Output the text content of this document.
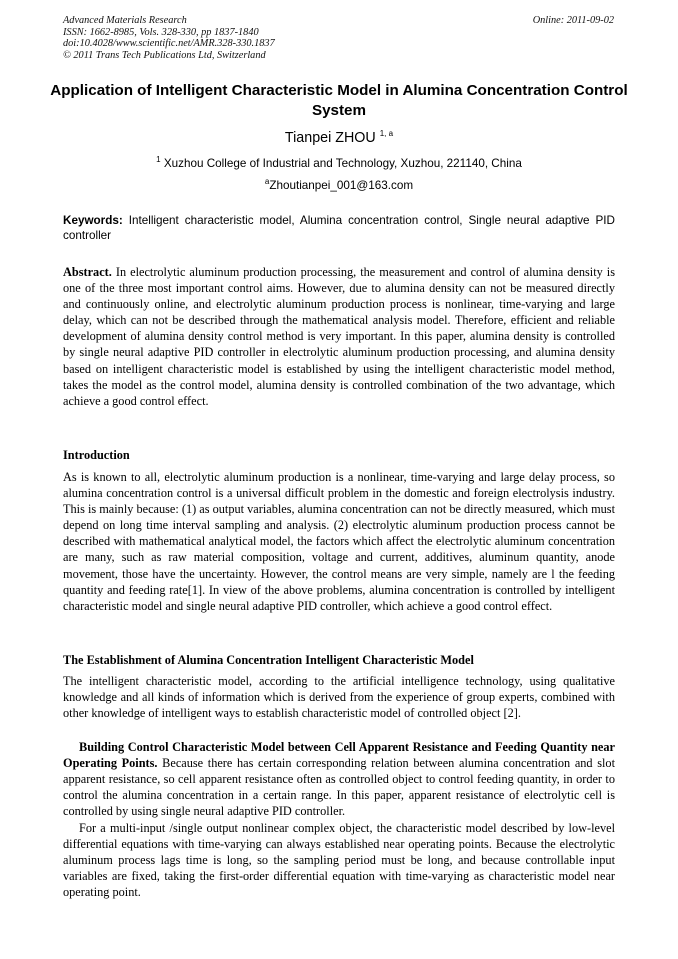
Advanced Materials Research
ISSN: 1662-8985, Vols. 328-330, pp 1837-1840
doi:10.4028/www.scientific.net/AMR.328-330.1837
© 2011 Trans Tech Publications Ltd, Switzerland
Online: 2011-09-02
Application of Intelligent Characteristic Model in Alumina Concentration Control System
Tianpei ZHOU $^{1, a}$
$^1$ Xuzhou College of Industrial and Technology, Xuzhou, 221140, China
$^a$Zhoutianpei_001@163.com
Keywords: Intelligent characteristic model, Alumina concentration control, Single neural adaptive PID controller

Abstract. In electrolytic aluminum production processing, the measurement and control of alumina density is one of the three most important control aims. However, due to alumina density can not be measured directly and continuously online, and electrolytic aluminum production process is nonlinear, time-varying and large delay, which can not be described through the mathematical analysis model. Therefore, efficient and reliable development of alumina density control method is very important. In this paper, alumina density is controlled by single neural adaptive PID controller in electrolytic aluminum production processing, and alumina density based on intelligent characteristic model is established by using the intelligent characteristic model method, takes the model as the control model, alumina density is controlled combination of the two advantage, which achieve a good control effect.

Introduction

As is known to all, electrolytic aluminum production is a nonlinear, time-varying and large delay process, so alumina concentration control is a universal difficult problem in the domestic and foreign electrolysis industry. This is mainly because: (1) as output variables, alumina concentration can not be directly measured, which must depend on long time interval sampling and analysis. (2) electrolytic aluminum production process cannot be described with mathematical analytical model, the factors which affect the electrolytic aluminum concentration are many, such as raw material composition, voltage and current, additives, aluminum quantity, anode movement, those have the uncertainty. However, the control means are very simple, namely are l the feeding quantity and feeding rate[1]. In view of the above problems, alumina concentration is controlled by intelligent characteristic model and single neural adaptive PID controller, which achieve a good control effect.

The Establishment of Alumina Concentration Intelligent Characteristic Model

The intelligent characteristic model, according to the artificial intelligence technology, using qualitative knowledge and all kinds of information which is derived from the experience of group experts, combined with other knowledge of intelligent ways to establish characteristic model of controlled object [2].

Building Control Characteristic Model between Cell Apparent Resistance and Feeding Quantity near Operating Points. Because there has certain corresponding relation between alumina concentration and slot apparent resistance, so cell apparent resistance often as controlled object to control feeding quantity, in order to control the alumina concentration in a certain range. In this paper, apparent resistance of electrolytic cell is controlled by using single neural adaptive PID controller.

For a multi-input /single output nonlinear complex object, the characteristic model described by low-level differential equations with time-varying can always established near operating points. Because the electrolytic aluminum process lags time is long, so the sampling period must be long, and because controllable input variables are fixed, taking the first-order differential equation with time-varying as characteristic model near operating point.
